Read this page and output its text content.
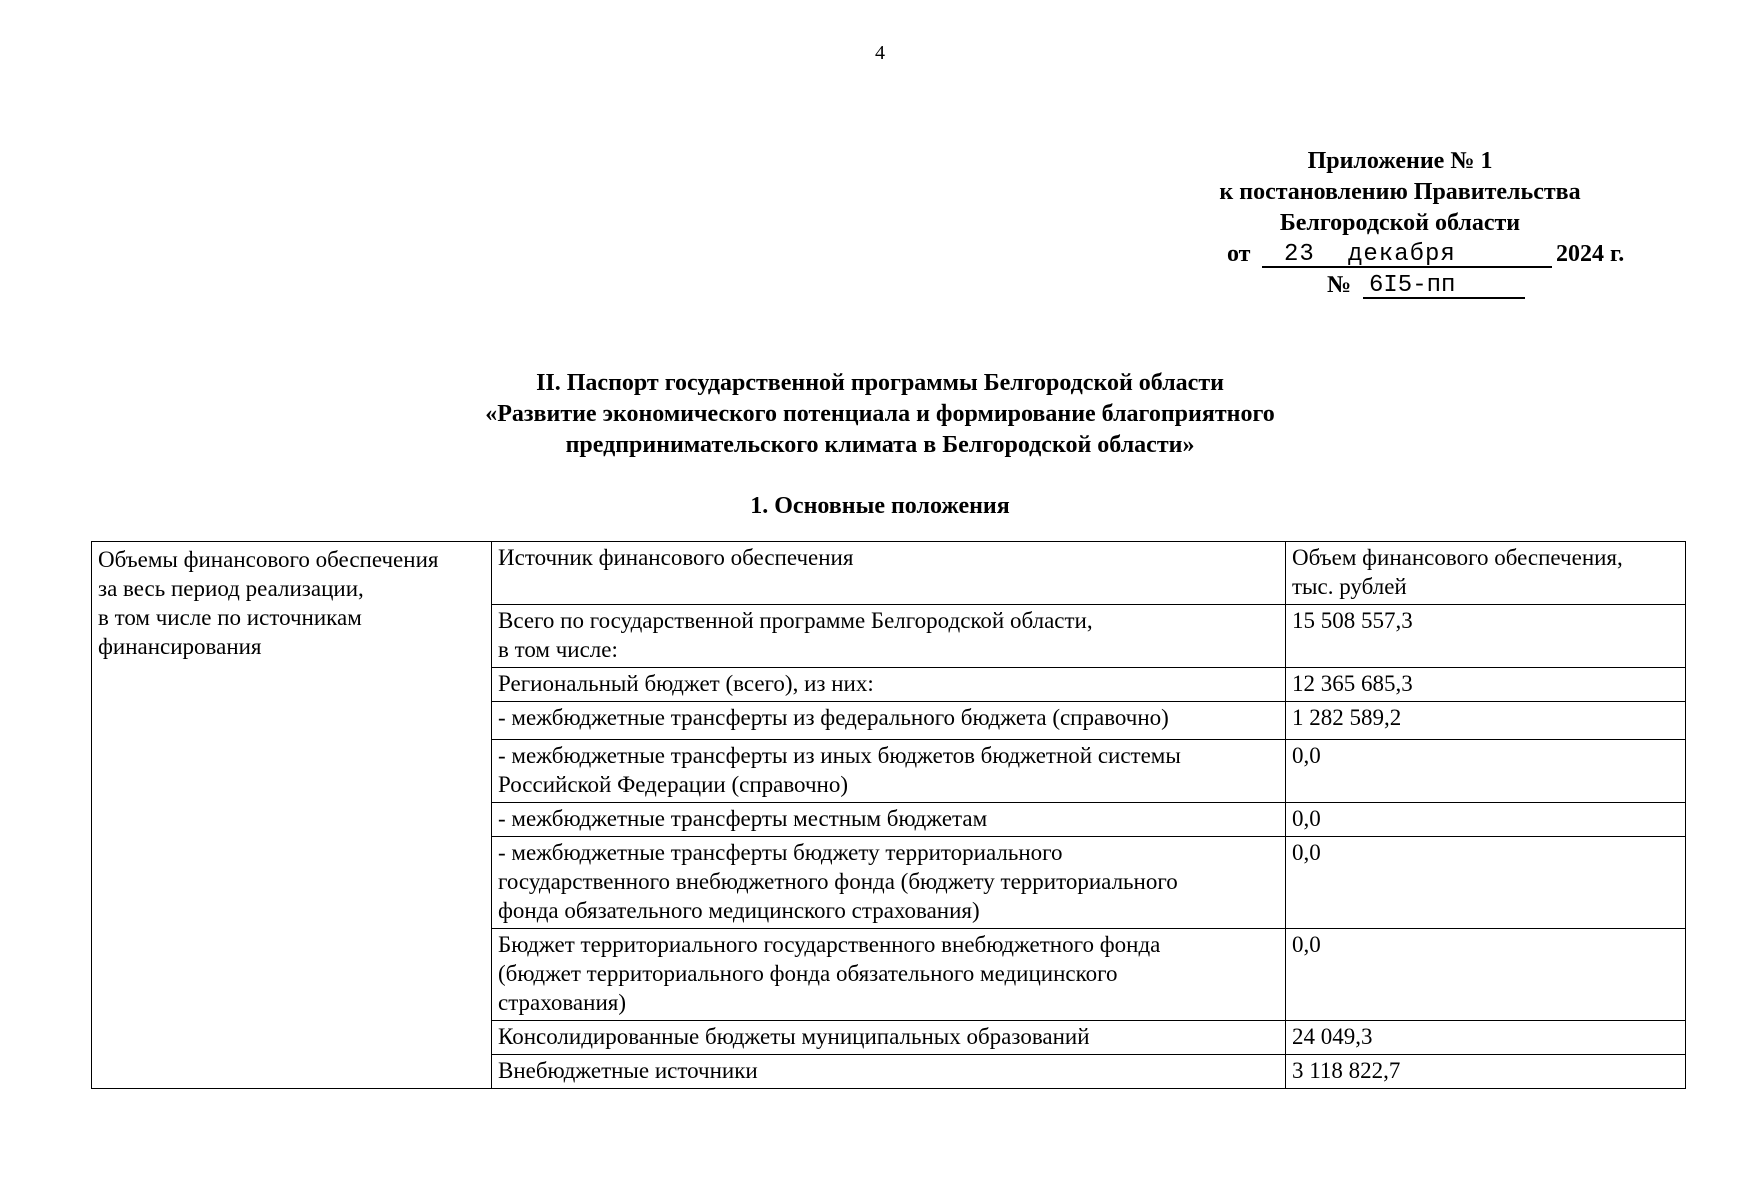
4
Приложение № 1
к постановлению Правительства
Белгородской области
от 23 декабря	2024 г.
№ 6I5-пп
II. Паспорт государственной программы Белгородской области
«Развитие экономического потенциала и формирование благоприятного
предпринимательского климата в Белгородской области»
1. Основные положения
Объемы финансового обеспечения
за весь период реализации,
в том числе по источникам
финансирования	Источник финансового обеспечения	Объем финансового обеспечения,
тыс. рублей

	Всего по государственной программе Белгородской области,
в том числе:	15 508 557,3

	Региональный бюджет (всего), из них:	12 365 685,3

	- межбюджетные трансферты из федерального бюджета (справочно)	1 282 589,2

	- межбюджетные трансферты из иных бюджетов бюджетной системы
Российской Федерации (справочно)	0,0

	- межбюджетные трансферты местным бюджетам	0,0

	- межбюджетные трансферты бюджету территориального
государственного внебюджетного фонда (бюджету территориального
фонда обязательного медицинского страхования)	0,0

	Бюджет территориального государственного внебюджетного фонда
(бюджет территориального фонда обязательного медицинского
страхования)	0,0

	Консолидированные бюджеты муниципальных образований	24 049,3

	Внебюджетные источники	3 118 822,7
